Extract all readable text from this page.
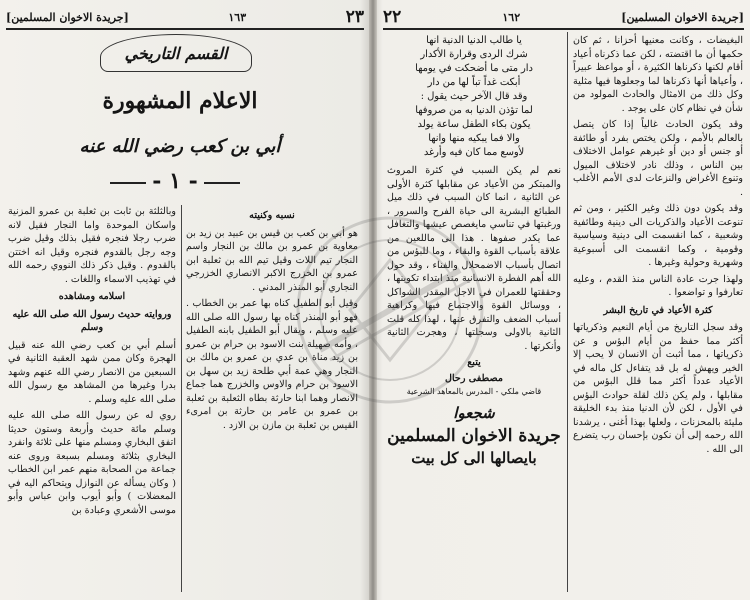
٢٣
١٦٣
[جريدة الاخوان المسلمين]
القسم التاريخي
الاعلام المشهورة
أبي بن كعب رضي الله عنه
- ١ -
نسبه وكنيته

هو أبي بن كعب بن قيس بن عبيد بن زيد بن معاوية بن عمرو بن مالك بن النجار واسم النجار تيم اللات وقيل تيم الله بن ثعلبة ابن عمرو بن الخزرج الاكبر الانصاري الخزرجي النجاري أبو المنذر المدني .

وقيل أبو الطفيل كناه بها عمر بن الخطاب . فهو أبو المنذر كناه بها رسول الله صلى الله عليه وسلم ، ويقال أبو الطفيل بابنه الطفيل ، وأمه صهيلة بنت الاسود بن حرام بن عمرو بن زيد مناة بن عدي بن عمرو بن مالك بن النجار وهي عمة أبي طلحة زيد بن سهل بن الاسود بن حرام والاوس والخزرج هما جماع الانصار وهما ابنا حارثة بطاه الثعلبة بن ثعلبة بن عمرو بن عامر بن حارثة بن امرىء القيس بن ثعلبة بن مازن بن الازد .

وبالثلثة بن ثابت بن ثعلبة بن عمرو المزنية واسكان الموحدة واما النجار فقيل لانه ضرب رجلا فنجره فقيل بذلك وقيل ضرب وجه رجل بالقدوم فنجره وقيل انه اختتن بالقدوم . وقيل ذكر ذلك النووي رحمه الله في تهذيب الاسماء واللغات .

اسلامه ومشاهده
وروايته حديث رسول الله صلى الله عليه وسلم

أسلم أبي بن كعب رضي الله عنه قبيل الهجرة وكان ممن شهد العقبة الثانية في السبعين من الانصار رضي الله عنهم وشهد بدرا وغيرها من المشاهد مع رسول الله صلى الله عليه وسلم .

روي له عن رسول الله صلى الله عليه وسلم مائة حديث وأربعة وستون حديثا اتفق البخاري ومسلم منها على ثلاثة وانفرد البخاري بثلاثة ومسلم بسبعة وروى عنه جماعة من الصحابة منهم عمر ابن الخطاب ( وكان يسأله عن النوازل ويتحاكم اليه في المعضلات ) وأبو أيوب وابن عباس وأبو موسى الأشعري وعبادة بن

[جريدة الاخوان المسلمين]
١٦٢
٢٢

البغيضات ، وكانت معنيها أحزانا ، ثم كان حكمها أن ما اقتضته ، لكن عما ذكرناه أعياد أقام لكنها ذكرناها الكثيرة ، أو مواعظ عبيراً ، وأعياها أنها ذكرناها لما وجعلوها فيها مثلية وكل ذلك من الامثال والحادث المولود من شأن في نظام كان على يوجد .

وقد يكون الحادث غالياً إذا كان يتصل بالعالم بالأمم ، ولكن يختص بفرد أو طائفة أو جنس أو دين أو غيرهم عوامل الاختلاف بين الناس ، وذلك نادر لاختلاف الميول وتنوع الأغراض والنزعات لدى الأمم الأغلب .

وقد يكون دون ذلك وغير الكثير ، ومن ثم تنوعت الأعياد والذكريات الى دينية وطائفية وشعبية ، كما انقسمت الى دينية وسياسية وقومية ، وكما انقسمت الى أسبوعية وشهرية وحولية وغيرها .

ولهذا جرت عادة الناس منذ القدم ، وعليه تعارفوا و تواضعوا .

كثرة الأعياد في تاريخ البشر

وقد سجل التاريخ من أيام النعيم وذكرياتها أكثر مما حفظ من أيام البؤس و عن ذكرياتها ، مما أثبت أن الانسان لا يحب إلا الخير ويهش له بل قد يتفاءل كل ماله في الأعياد عدداً أكثر مما قلل البؤس من مقابلها ، ولم يكن ذلك لقلة حوادث البؤس في الأول ، لكن لأن الدنيا منذ بدء الخليقة مليئة بالمحزنات ، ولعلها بهذا أغنى ، يرشدنا الله رحمه إلى أن نكون بإحسان رب يتضرع الى الله .

يا طالب الدنيا الدنية انها
شرك الردى وقرارة الأكدار
دار متى ما أضحكت في يومها
أبكت غداً تباً لها من دار
وقد قال الآخر حيث يقول :
لما تؤذن الدنيا به من صروفها
يكون بكاء الطفل ساعة يولد
والا فما يبكيه منها وانها
لأوسع مما كان فيه وأرغد

نعم لم يكن السبب في كثرة المروث والمبتكر من الأعياد عن مقابلها كثرة الأولى عن الثانية ، انما كان السبب في ذلك ميل الطبائع البشرية الى حياة الفرح والسرور ، ورغبتها في تناسي مايغصص عيشها والتغافل عما يكدر صفوها . هذا الى ماللعين من علاقة بأسباب القوة والبقاء ، وما للبؤس من اتصال بأسباب الاضمحلال والفناء ، وقد حول الله أهم الفطرة الانسانية منذ ابتداء تكوينها ، وحققتها للعمران في الاجل المقدر الشواكل ، ووسائل القوة والاجتماع فيها وكراهية أسباب الضعف والتفرق عنها ، لهذا كله قلت الثانية بالاولى وسجلتها ، وهجرت الثانية وأنكرتها .

يتبع
مصطفى رحال
قاضي ملكي - المدرس بالمعاهد الشرعية
شجعوا
جريدة الاخوان المسلمين
بايصالها الى كل بيت
